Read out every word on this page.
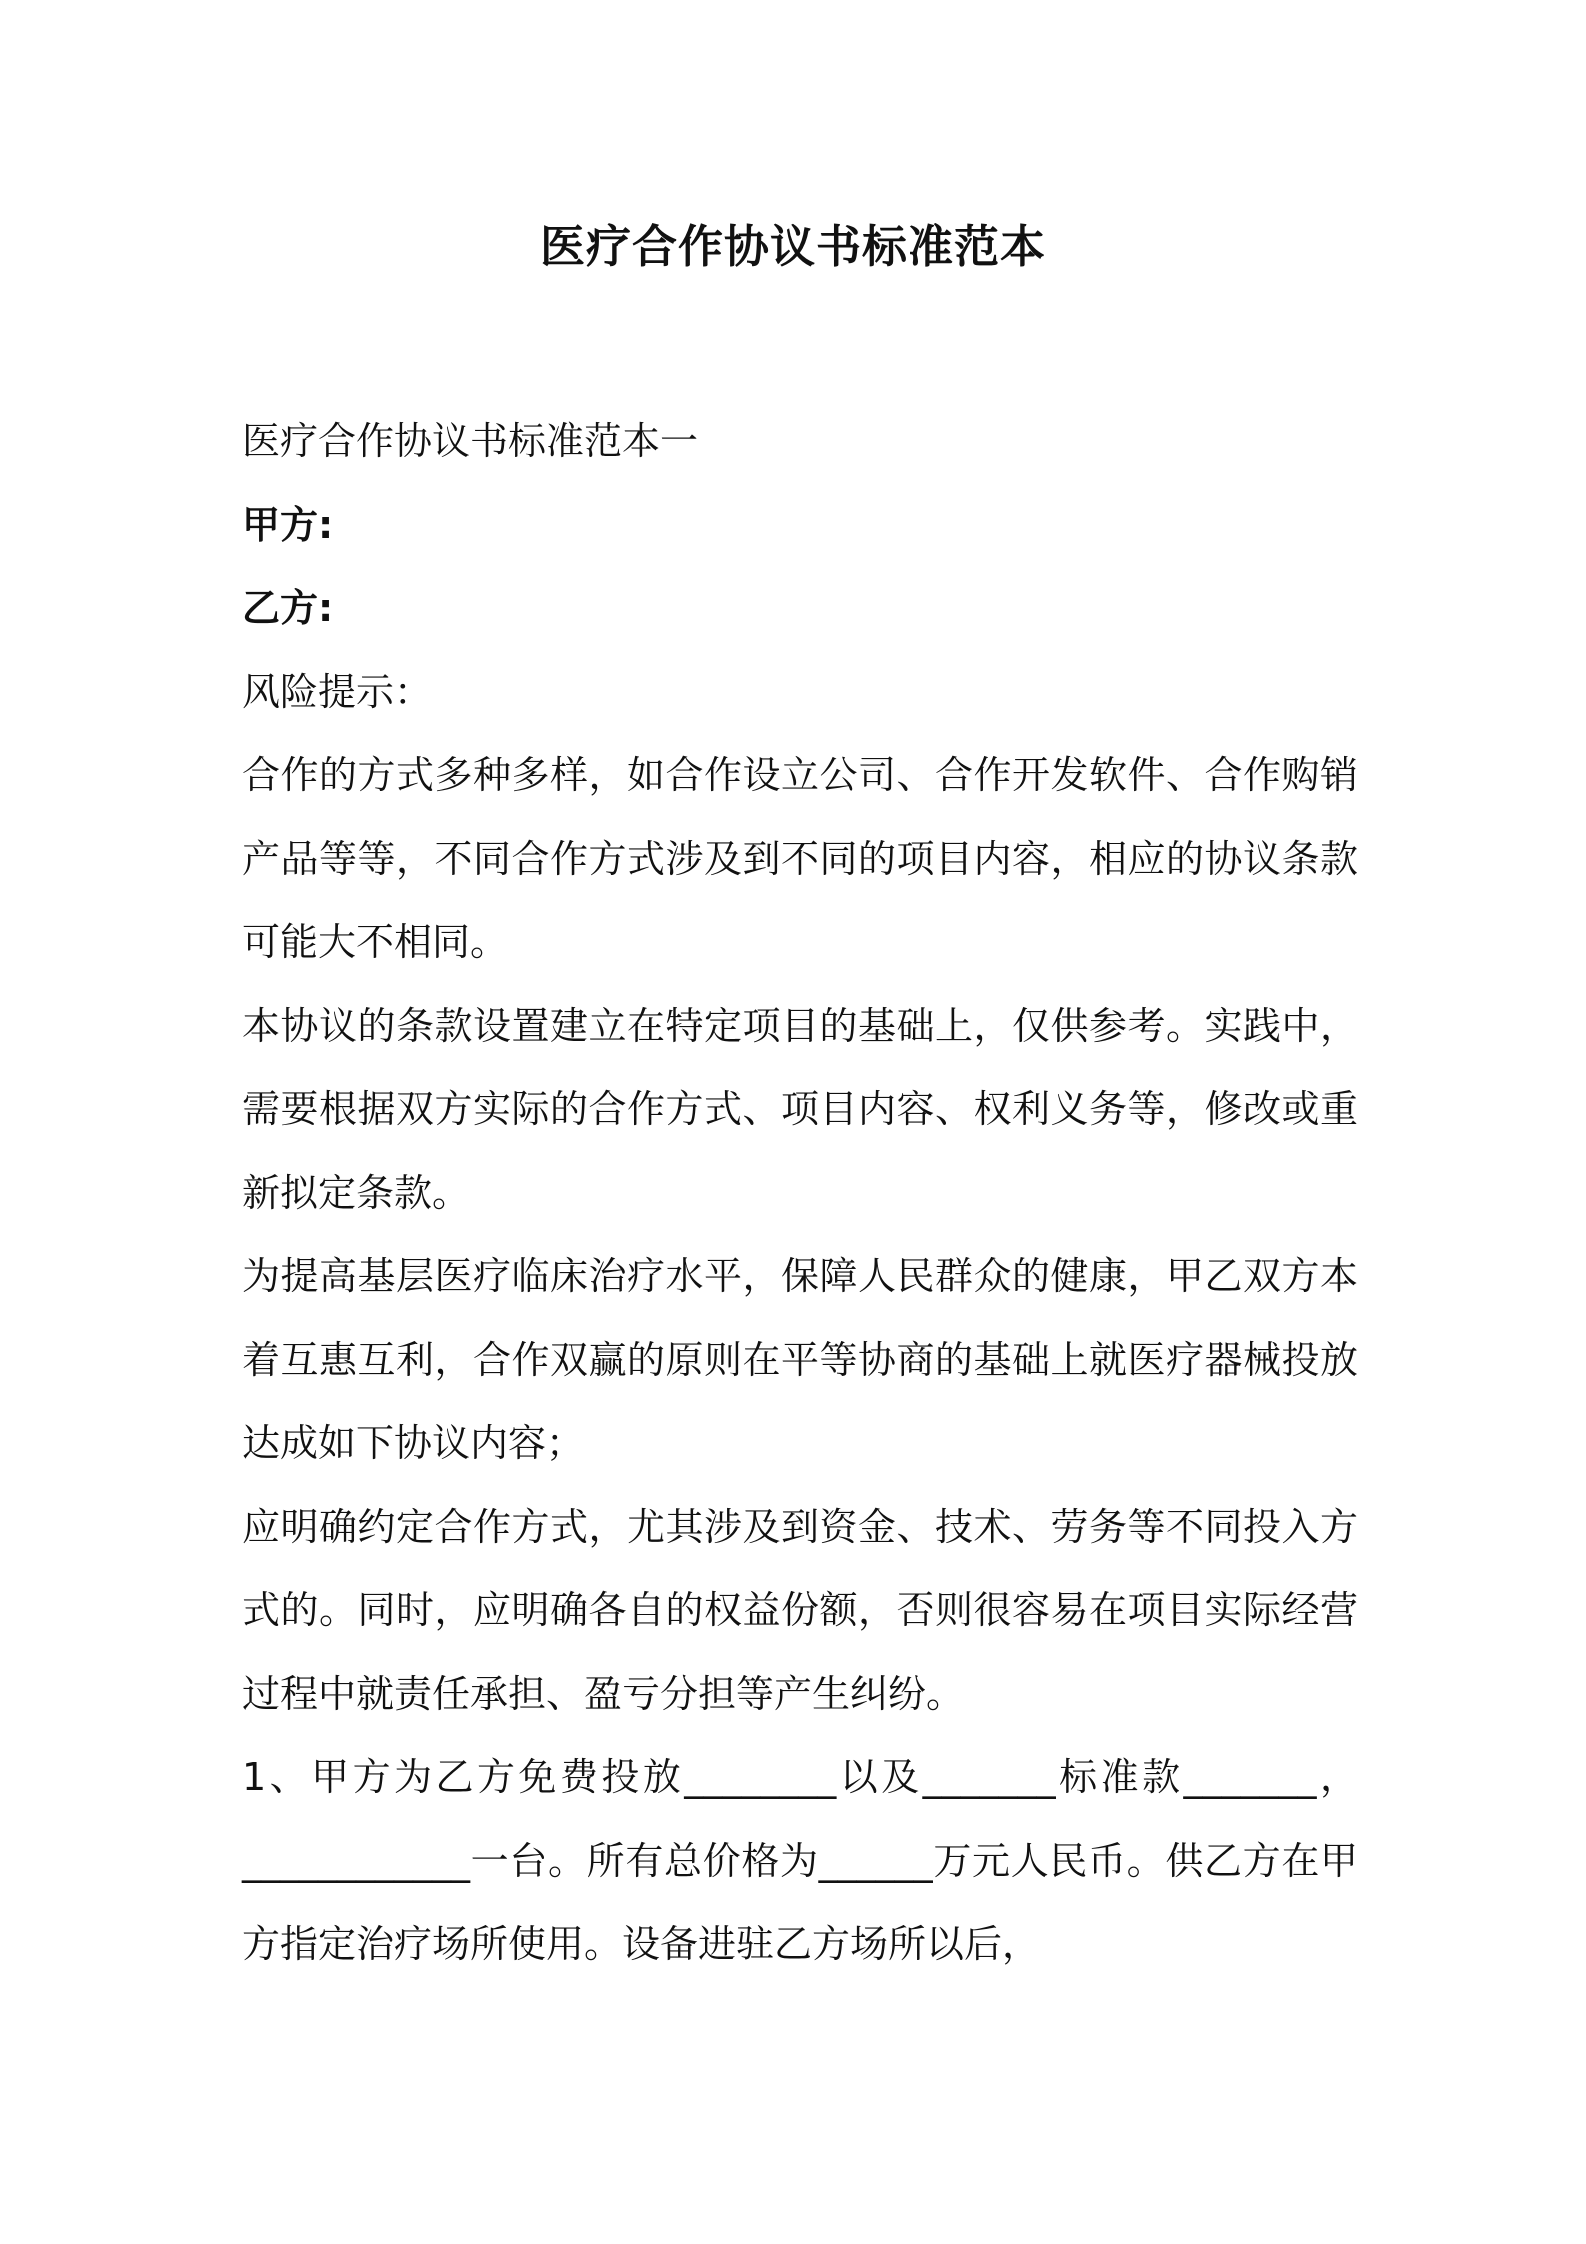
医疗合作协议书标准范本

医疗合作协议书标准范本一

甲方:

乙方:

风险提示：

合作的方式多种多样，如合作设立公司、合作开发软件、合作购销产品等等，不同合作方式涉及到不同的项目内容，相应的协议条款可能大不相同。

本协议的条款设置建立在特定项目的基础上，仅供参考。实践中，需要根据双方实际的合作方式、项目内容、权利义务等，修改或重新拟定条款。

为提高基层医疗临床治疗水平，保障人民群众的健康，甲乙双方本着互惠互利，合作双赢的原则在平等协商的基础上就医疗器械投放达成如下协议内容；

应明确约定合作方式，尤其涉及到资金、技术、劳务等不同投入方式的。同时，应明确各自的权益份额，否则很容易在项目实际经营过程中就责任承担、盈亏分担等产生纠纷。

1、甲方为乙方免费投放________以及_______标准款_______，____________一台。所有总价格为______万元人民币。供乙方在甲方指定治疗场所使用。设备进驻乙方场所以后，
